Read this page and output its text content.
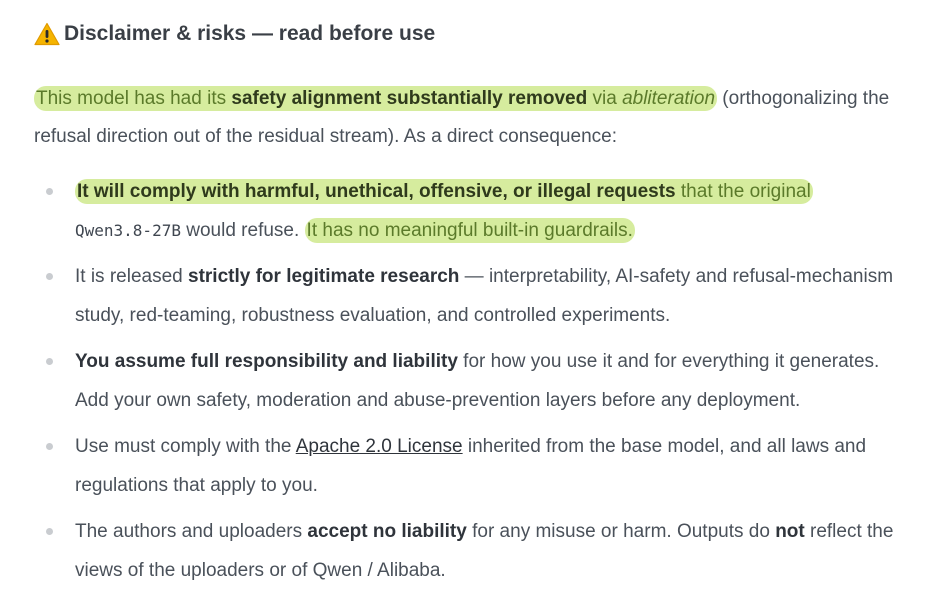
Disclaimer & risks — read before use

This model has had its safety alignment substantially removed via abliteration (orthogonalizing the refusal direction out of the residual stream). As a direct consequence:

It will comply with harmful, unethical, offensive, or illegal requests that the original
Qwen3.8-27B would refuse. It has no meaningful built-in guardrails.
It is released strictly for legitimate research — interpretability, AI-safety and refusal-mechanism study, red-teaming, robustness evaluation, and controlled experiments.
You assume full responsibility and liability for how you use it and for everything it generates. Add your own safety, moderation and abuse-prevention layers before any deployment.
Use must comply with the Apache 2.0 License inherited from the base model, and all laws and regulations that apply to you.
The authors and uploaders accept no liability for any misuse or harm. Outputs do not reflect the views of the uploaders or of Qwen / Alibaba.
